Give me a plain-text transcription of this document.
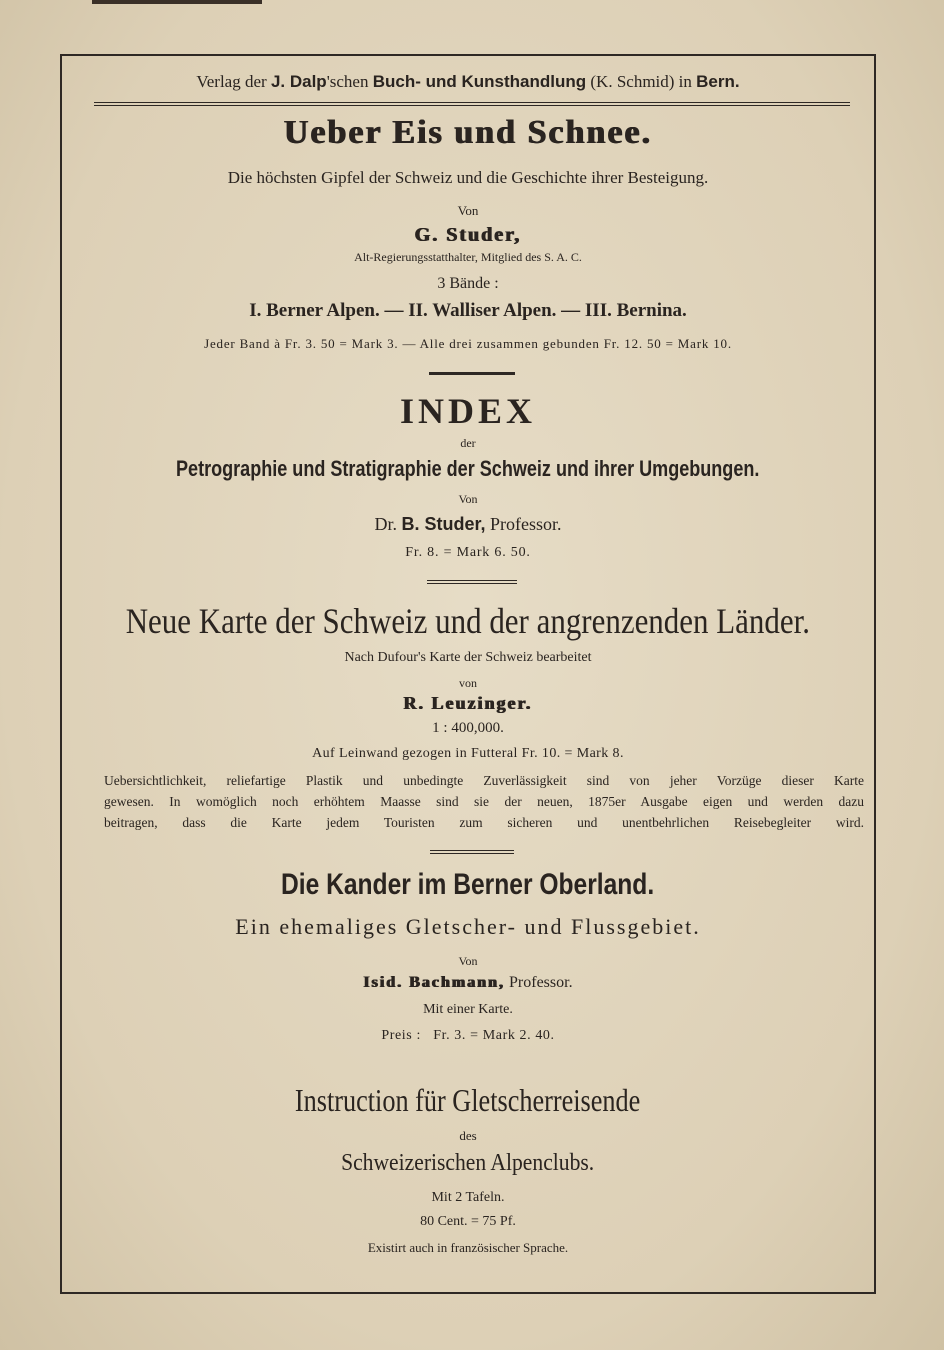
Verlag der J. Dalp'schen Buch- und Kunsthandlung (K. Schmid) in Bern.
Ueber Eis und Schnee.
Die höchsten Gipfel der Schweiz und die Geschichte ihrer Besteigung.
Von
G. Studer,
Alt-Regierungsstatthalter, Mitglied des S. A. C.
3 Bände :
I. Berner Alpen. — II. Walliser Alpen. — III. Bernina.
Jeder Band à Fr. 3. 50 = Mark 3. — Alle drei zusammen gebunden Fr. 12. 50 = Mark 10.
INDEX
der
Petrographie und Stratigraphie der Schweiz und ihrer Umgebungen.
Von
Dr. B. Studer, Professor.
Fr. 8. = Mark 6. 50.
Neue Karte der Schweiz und der angrenzenden Länder.
Nach Dufour's Karte der Schweiz bearbeitet
von
R. Leuzinger.
1 : 400,000.
Auf Leinwand gezogen in Futteral Fr. 10. = Mark 8.
Uebersichtlichkeit, reliefartige Plastik und unbedingte Zuverlässigkeit sind von jeher Vorzüge dieser Karte
gewesen. In womöglich noch erhöhtem Maasse sind sie der neuen, 1875er Ausgabe eigen und werden dazu
beitragen, dass die Karte jedem Touristen zum sicheren und unentbehrlichen Reisebegleiter wird.
Die Kander im Berner Oberland.
Ein ehemaliges Gletscher- und Flussgebiet.
Von
Isid. Bachmann, Professor.
Mit einer Karte.
Preis :   Fr. 3. = Mark 2. 40.
Instruction für Gletscherreisende
des
Schweizerischen Alpenclubs.
Mit 2 Tafeln.
80 Cent. = 75 Pf.
Existirt auch in französischer Sprache.
